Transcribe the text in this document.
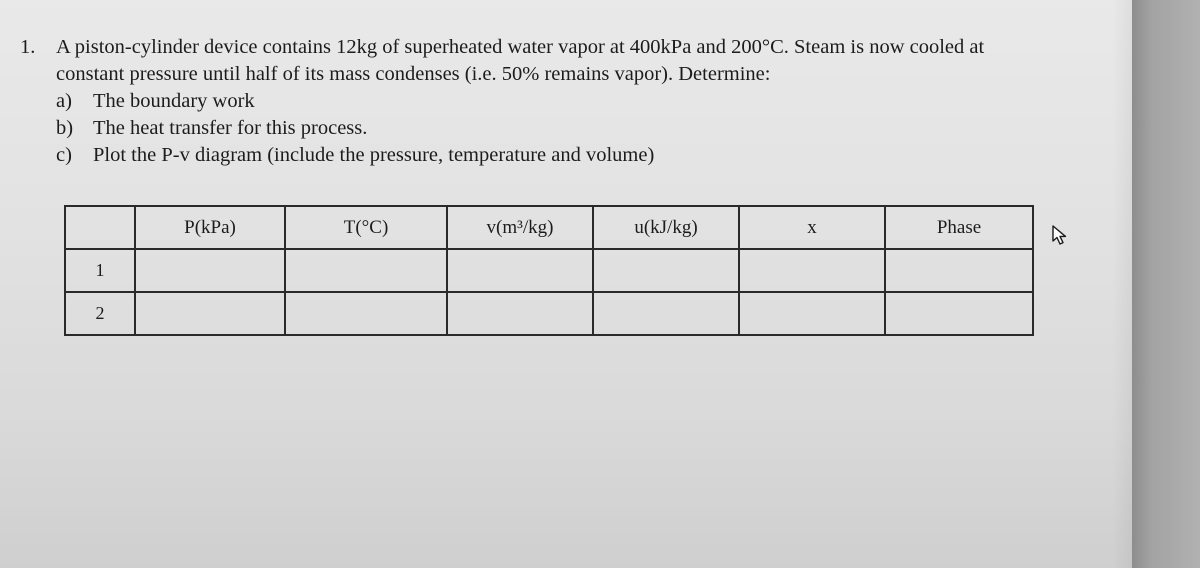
1.	A piston-cylinder device contains 12kg of superheated water vapor at 400kPa and 200°C. Steam is now cooled at
constant pressure until half of its mass condenses (i.e. 50% remains vapor). Determine:
a)	The boundary work
b) The heat transfer for this process.
c)	Plot the P-v diagram (include the pressure, temperature and volume)
	P(kPa)	T(°C)	v(m³/kg)	u(kJ/kg)	x	Phase
1						
2						
